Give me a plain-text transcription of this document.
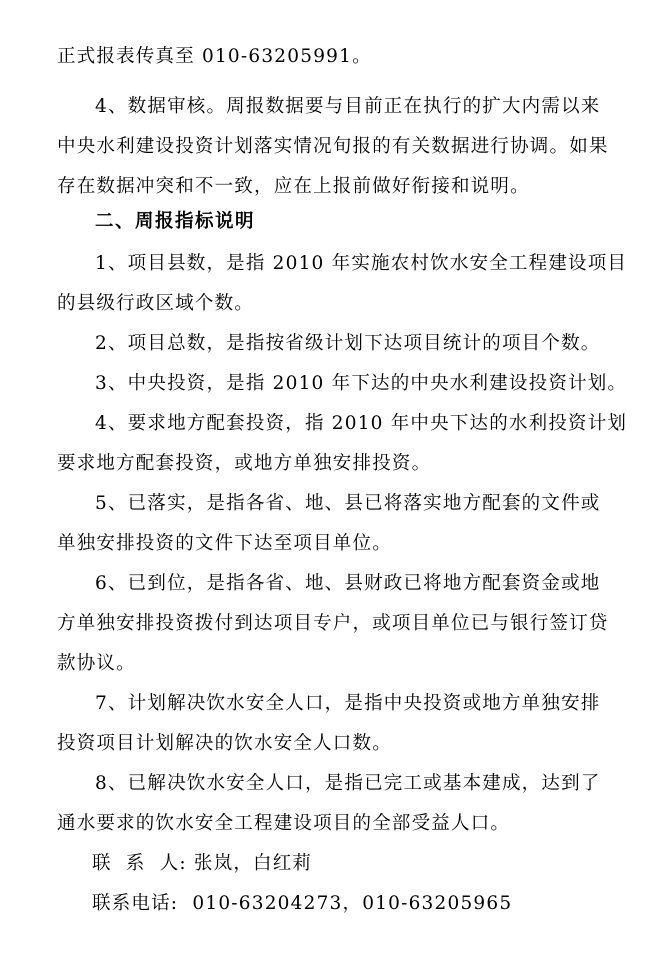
正式报表传真至 010-63205991。
4、数据审核。周报数据要与目前正在执行的扩大内需以来
中央水利建设投资计划落实情况旬报的有关数据进行协调。如果
存在数据冲突和不一致，应在上报前做好衔接和说明。
二、周报指标说明
1、项目县数，是指 2010 年实施农村饮水安全工程建设项目
的县级行政区域个数。
2、项目总数，是指按省级计划下达项目统计的项目个数。
3、中央投资，是指 2010 年下达的中央水利建设投资计划。
4、要求地方配套投资，指 2010 年中央下达的水利投资计划
要求地方配套投资，或地方单独安排投资。
5、已落实，是指各省、地、县已将落实地方配套的文件或
单独安排投资的文件下达至项目单位。
6、已到位，是指各省、地、县财政已将地方配套资金或地
方单独安排投资拨付到达项目专户，或项目单位已与银行签订贷
款协议。
7、计划解决饮水安全人口，是指中央投资或地方单独安排
投资项目计划解决的饮水安全人口数。
8、已解决饮水安全人口，是指已完工或基本建成，达到了
通水要求的饮水安全工程建设项目的全部受益人口。
联  系  人: 张岚，白红莉
联系电话:  010-63204273，010-63205965
